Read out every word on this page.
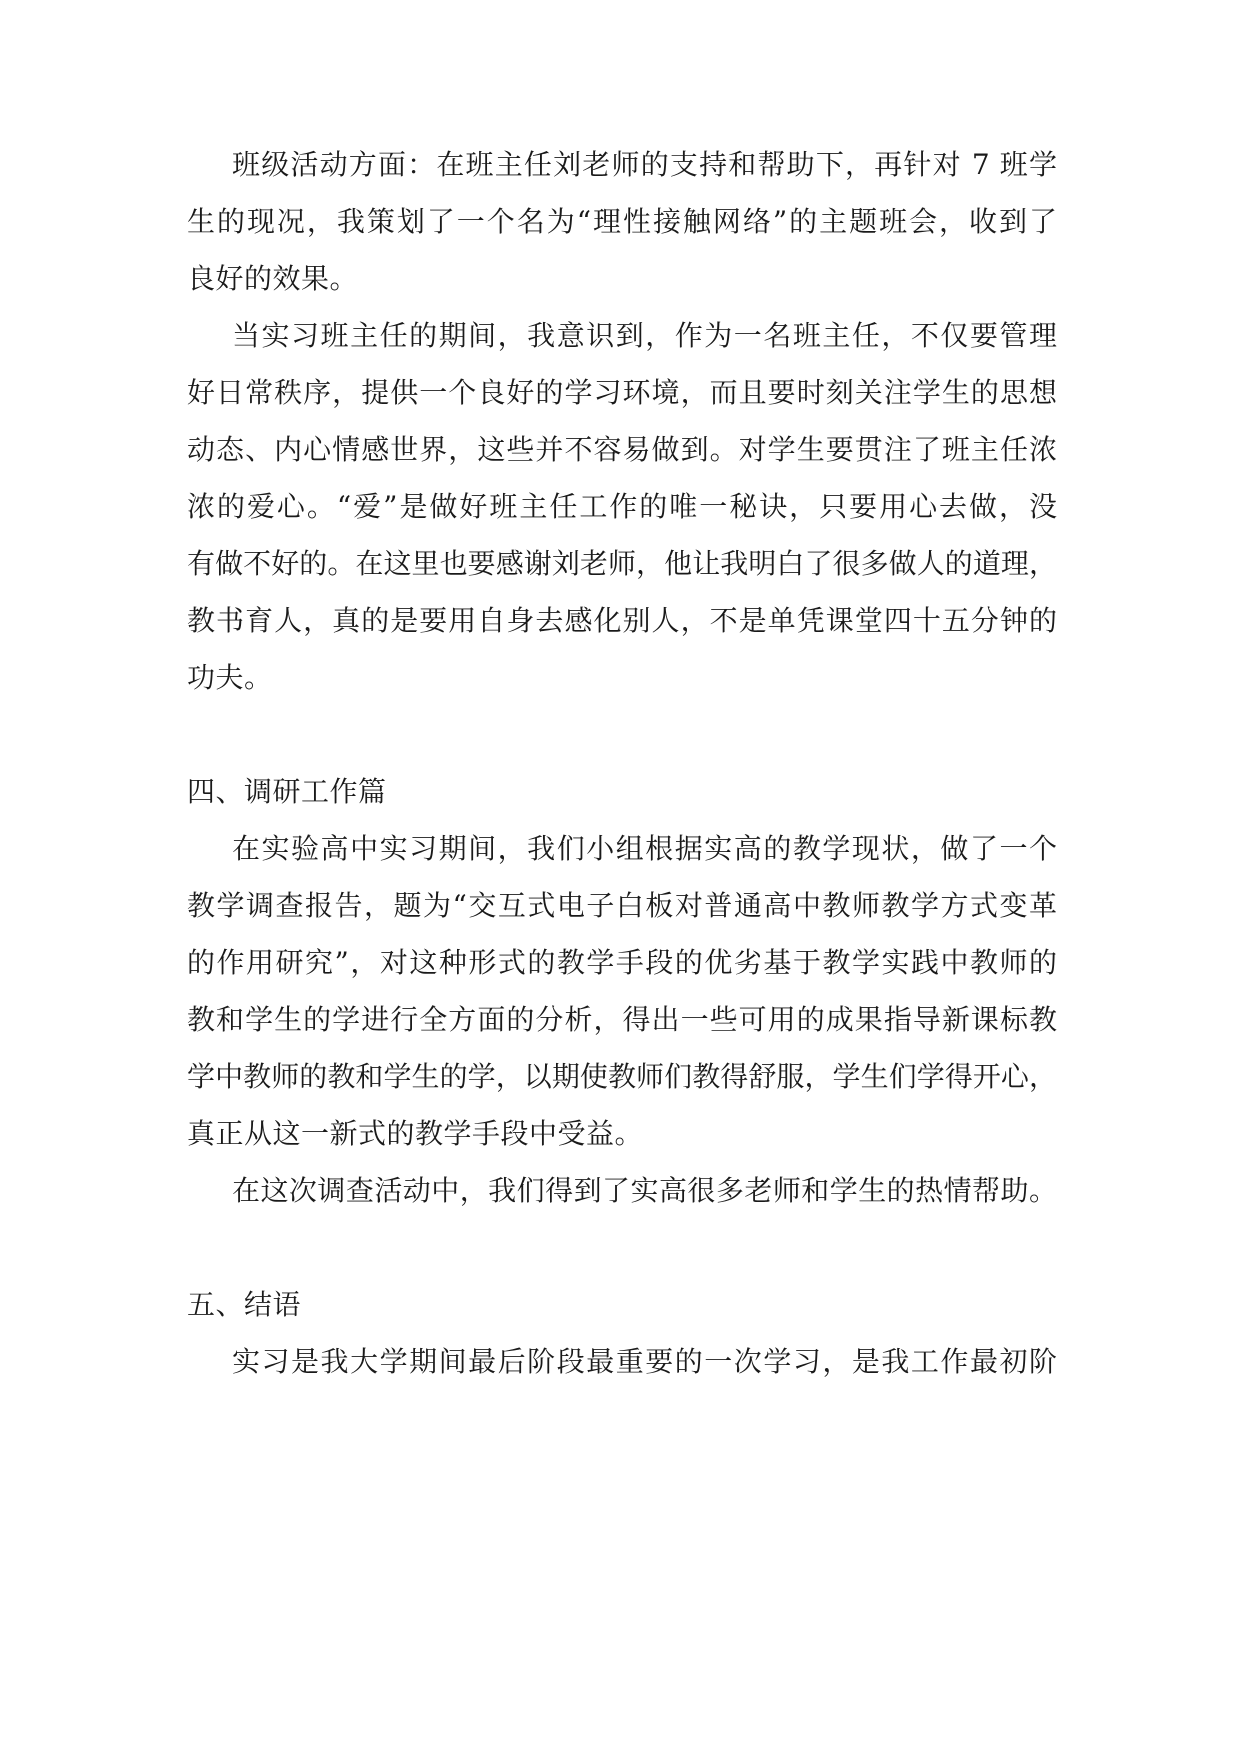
班级活动方面：在班主任刘老师的支持和帮助下，再针对 7 班学
生的现况，我策划了一个名为“理性接触网络”的主题班会，收到了
良好的效果。
当实习班主任的期间，我意识到，作为一名班主任，不仅要管理
好日常秩序，提供一个良好的学习环境，而且要时刻关注学生的思想
动态、内心情感世界，这些并不容易做到。对学生要贯注了班主任浓
浓的爱心。“爱”是做好班主任工作的唯一秘诀，只要用心去做，没
有做不好的。在这里也要感谢刘老师，他让我明白了很多做人的道理，
教书育人，真的是要用自身去感化别人，不是单凭课堂四十五分钟的
功夫。
四、调研工作篇
在实验高中实习期间，我们小组根据实高的教学现状，做了一个
教学调查报告，题为“交互式电子白板对普通高中教师教学方式变革
的作用研究”，对这种形式的教学手段的优劣基于教学实践中教师的
教和学生的学进行全方面的分析，得出一些可用的成果指导新课标教
学中教师的教和学生的学，以期使教师们教得舒服，学生们学得开心，
真正从这一新式的教学手段中受益。
在这次调查活动中，我们得到了实高很多老师和学生的热情帮助。
五、结语
实习是我大学期间最后阶段最重要的一次学习，是我工作最初阶
